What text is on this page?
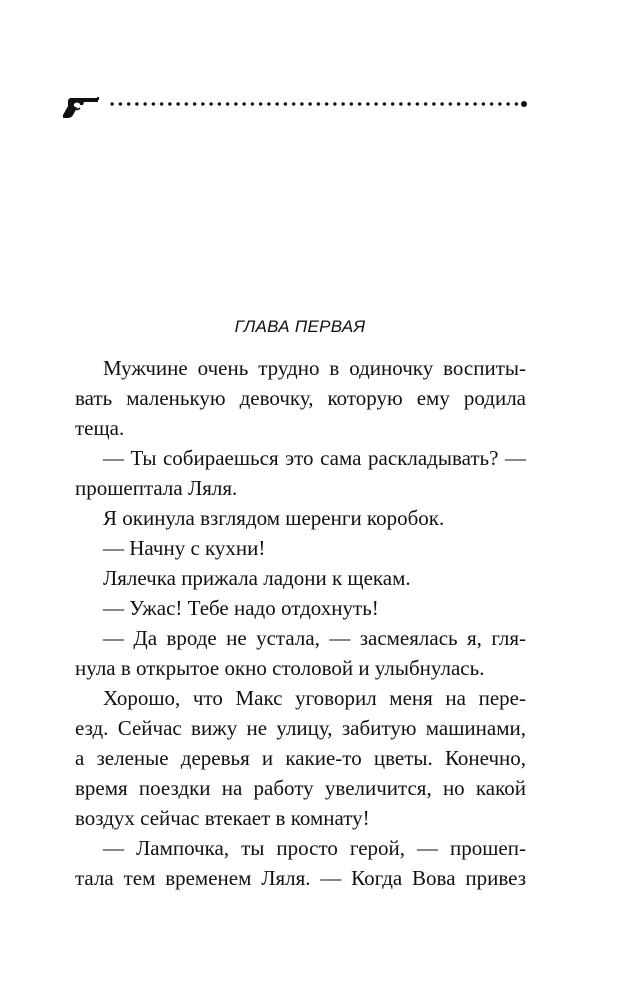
ГЛАВА ПЕРВАЯ
Мужчине очень трудно в одиночку воспиты-
вать маленькую девочку, которую ему родила
теща.
— Ты собираешься это сама раскладывать? —
прошептала Ляля.
Я окинула взглядом шеренги коробок.
— Начну с кухни!
Лялечка прижала ладони к щекам.
— Ужас! Тебе надо отдохнуть!
— Да вроде не устала, — засмеялась я, гля-
нула в открытое окно столовой и улыбнулась.
Хорошо, что Макс уговорил меня на пере-
езд. Сейчас вижу не улицу, забитую машинами,
а зеленые деревья и какие-то цветы. Конечно,
время поездки на работу увеличится, но какой
воздух сейчас втекает в комнату!
— Лампочка, ты просто герой, — прошеп-
тала тем временем Ляля. — Когда Вова привез
